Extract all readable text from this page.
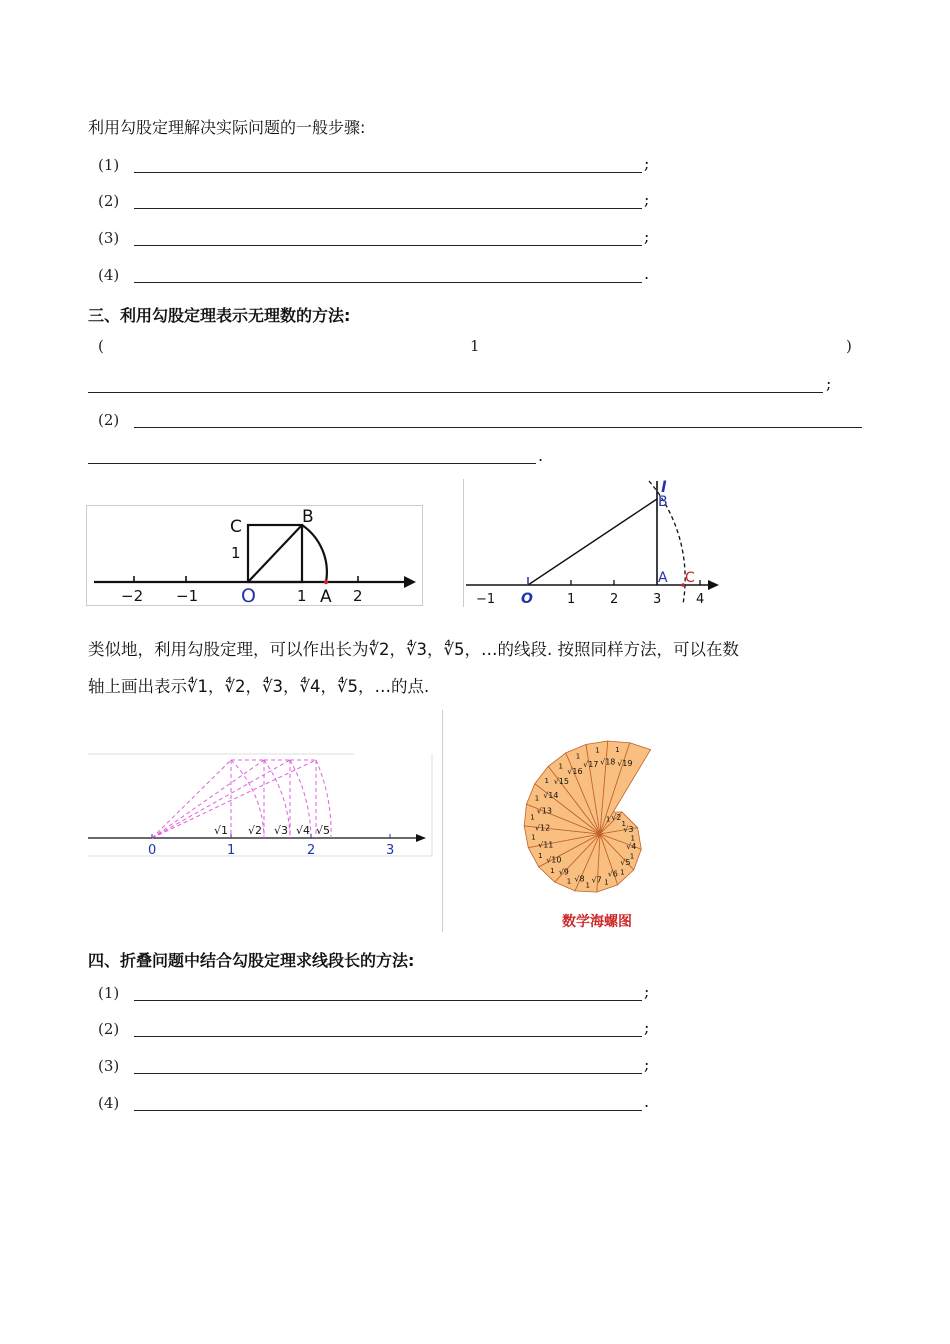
利用勾股定理解决实际问题的一般步骤:
(1)	;
(2)	;
(3)	;
(4)	.
三、利用勾股定理表示无理数的方法:
(	1	)
;
(2)
.
C	B
1
O	1 A 2
−2 −1
l
B
A C
−1 O	1	2	3	4
类似地，利用勾股定理，可以作出长为∜2，∜3，∜5，…的线段. 按照同样方法，可以在数
轴上画出表示∜1，∜2，∜3，∜4，∜5，…的点.
0	1	2	3
√1 √2 √3 √4 √5
√2
1
√3
1
√4
1
√5
1
√6 1
√7 1
√8
1
√9
1
√10
1
√11
1
√12
1
√13
1
√14
1
√15
1
√16
1	√17
1
√18
1
√19
1
数学海螺图
四、折叠问题中结合勾股定理求线段长的方法:
(1)	;
(2)	;
(3)	;
(4)	.
